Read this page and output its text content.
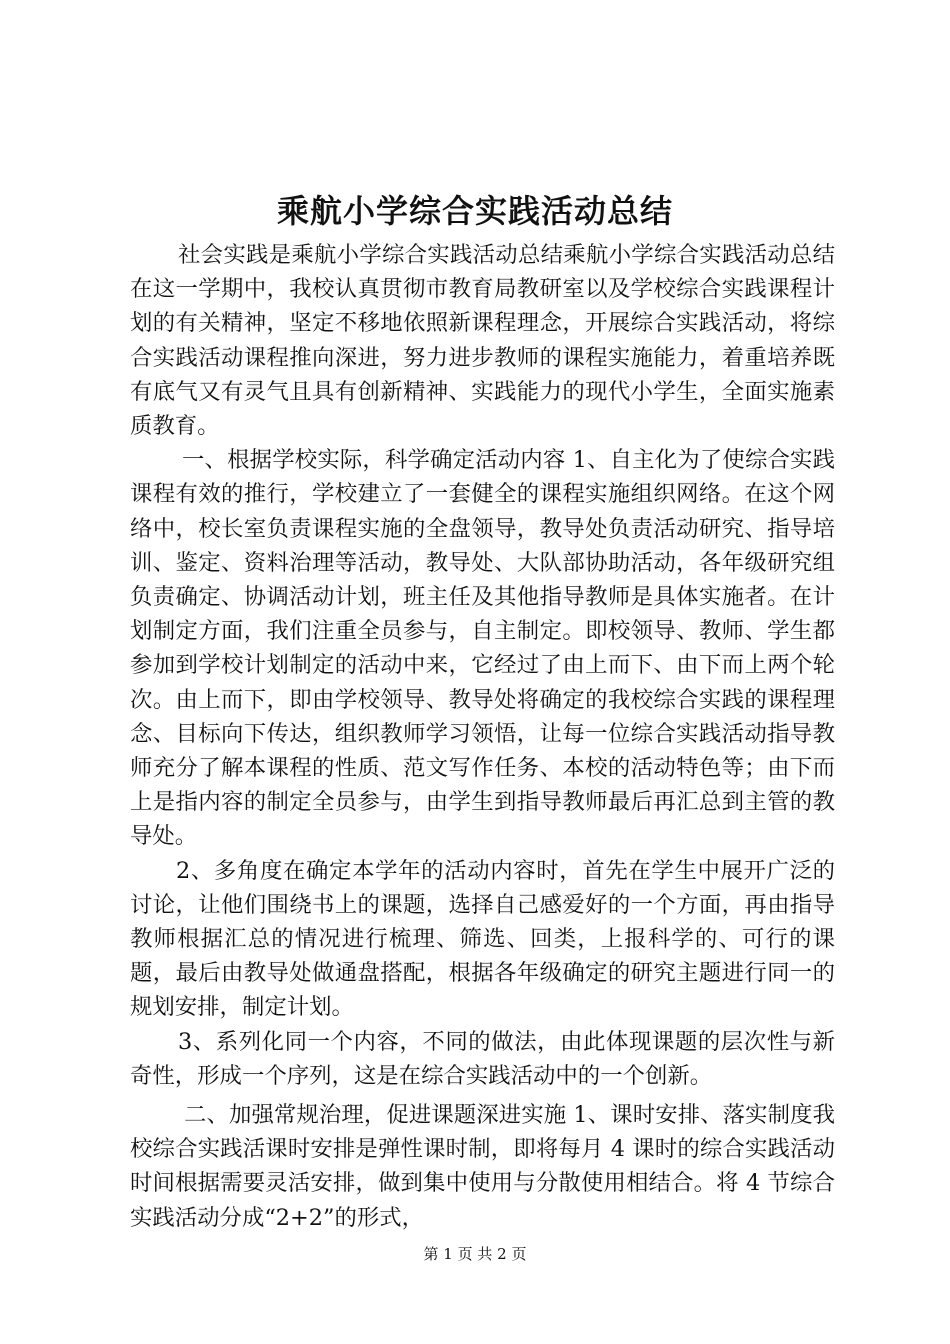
乘航小学综合实践活动总结

社会实践是乘航小学综合实践活动总结乘航小学综合实践活动总结在这一学期中，我校认真贯彻市教育局教研室以及学校综合实践课程计划的有关精神，坚定不移地依照新课程理念，开展综合实践活动，将综合实践活动课程推向深进，努力进步教师的课程实施能力，着重培养既有底气又有灵气且具有创新精神、实践能力的现代小学生，全面实施素质教育。

一、根据学校实际，科学确定活动内容 1、自主化为了使综合实践课程有效的推行，学校建立了一套健全的课程实施组织网络。在这个网络中，校长室负责课程实施的全盘领导，教导处负责活动研究、指导培训、鉴定、资料治理等活动，教导处、大队部协助活动，各年级研究组负责确定、协调活动计划，班主任及其他指导教师是具体实施者。在计划制定方面，我们注重全员参与，自主制定。即校领导、教师、学生都参加到学校计划制定的活动中来，它经过了由上而下、由下而上两个轮次。由上而下，即由学校领导、教导处将确定的我校综合实践的课程理念、目标向下传达，组织教师学习领悟，让每一位综合实践活动指导教师充分了解本课程的性质、范文写作任务、本校的活动特色等；由下而上是指内容的制定全员参与，由学生到指导教师最后再汇总到主管的教导处。

2、多角度在确定本学年的活动内容时，首先在学生中展开广泛的讨论，让他们围绕书上的课题，选择自己感爱好的一个方面，再由指导教师根据汇总的情况进行梳理、筛选、回类，上报科学的、可行的课题，最后由教导处做通盘搭配，根据各年级确定的研究主题进行同一的规划安排，制定计划。

3、系列化同一个内容，不同的做法，由此体现课题的层次性与新奇性，形成一个序列，这是在综合实践活动中的一个创新。

二、加强常规治理，促进课题深进实施 1、课时安排、落实制度我校综合实践活课时安排是弹性课时制，即将每月 4 课时的综合实践活动时间根据需要灵活安排，做到集中使用与分散使用相结合。将 4 节综合实践活动分成“2+2”的形式，

第 1 页 共 2 页
